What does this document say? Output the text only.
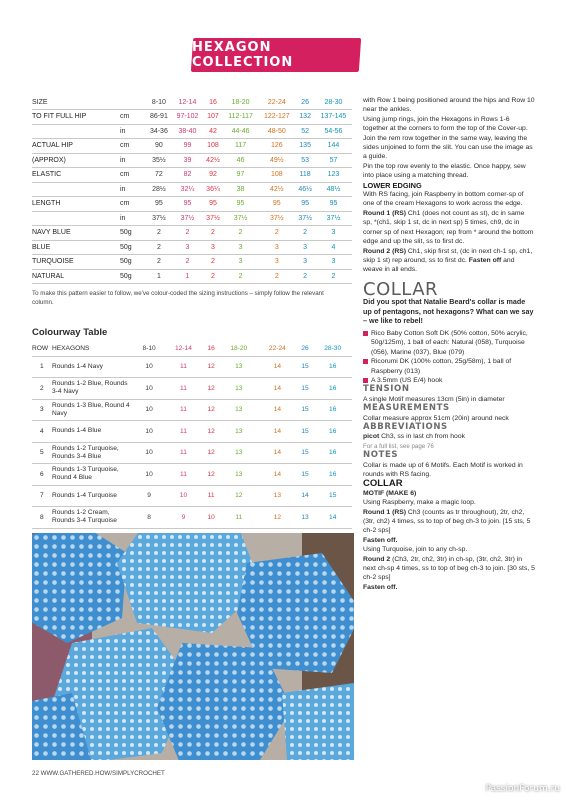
HEXAGON COLLECTION
SIZE		8-10	12-14	16	18-20	22-24	26	28-30
TO FIT FULL HIP	cm	86-91	97-102	107	112-117	122-127	132	137-145
	in	34-36	38-40	42	44-46	48-50	52	54-56
ACTUAL HIP	cm	90	99	108	117	126	135	144
(APPROX)	in	35½	39	42½	46	49½	53	57
ELASTIC	cm	72	82	92	97	108	118	123
	in	28½	32¼	36¼	38	42½	46½	48½
LENGTH	cm	95	95	95	95	95	95	95
	in	37½	37½	37½	37½	37½	37½	37½
NAVY BLUE	50g	2	2	2	2	2	2	3
BLUE	50g	2	3	3	3	3	3	4
TURQUOISE	50g	2	2	2	3	3	3	3
NATURAL	50g	1	1	2	2	2	2	2

To make this pattern easier to follow, we've colour-coded the sizing instructions – simply follow the relevant column.

Colourway Table
ROW	HEXAGONS	8-10	12-14	16	18-20	22-24	26	28-30
1	Rounds 1-4 Navy	10	11	12	13	14	15	16
2	Rounds 1-2 Blue, Rounds 3-4 Navy	10	11	12	13	14	15	16
3	Rounds 1-3 Blue, Round 4 Navy	10	11	12	13	14	15	16
4	Rounds 1-4 Blue	10	11	12	13	14	15	16
5	Rounds 1-2 Turquoise, Rounds 3-4 Blue	10	11	12	13	14	15	16
6	Rounds 1-3 Turquoise, Round 4 Blue	10	11	12	13	14	15	16
7	Rounds 1-4 Turquoise	9	10	11	12	13	14	15
8	Rounds 1-2 Cream, Rounds 3-4 Turquoise	8	9	10	11	12	13	14

with Row 1 being positioned around the hips and Row 10 near the ankles.

Using jump rings, join the Hexagons in Rows 1-6 together at the corners to form the top of the Cover-up.

Join the rem row together in the same way, leaving the sides unjoined to form the slit. You can use the image as a guide.

Pin the top row evenly to the elastic. Once happy, sew into place using a matching thread.

LOWER EDGING

With RS facing, join Raspberry in bottom corner-sp of one of the cream Hexagons to work across the edge.

Round 1 (RS) Ch1 (does not count as st), dc in same sp, *(ch1, skip 1 st, dc in next sp) 5 times, ch9, dc in corner sp of next Hexagon; rep from * around the bottom edge and up the slit, ss to first dc.

Round 2 (RS) Ch1, skip first st, (dc in next ch-1 sp, ch1, skip 1 st) rep around, ss to first dc. Fasten off and weave in all ends.

COLLAR

Did you spot that Natalie Beard's collar is made up of pentagons, not hexagons? What can we say – we like to rebel!

Rico Baby Cotton Soft DK (50% cotton, 50% acrylic, 50g/125m), 1 ball of each: Natural (058), Turquoise (056), Marine (037), Blue (079)
Ricorumi DK (100% cotton, 25g/58m), 1 ball of Raspberry (013)
A 3.5mm (US E/4) hook

TENSION

A single Motif measures 13cm (5in) in diameter

MEASUREMENTS

Collar measure approx 51cm (20in) around neck

ABBREVIATIONS

picot Ch3, ss in last ch from hook

For a full list, see page 76

NOTES

Collar is made up of 6 Motifs. Each Motif is worked in rounds with RS facing.

COLLAR

MOTIF (MAKE 6)

Using Raspberry, make a magic loop.

Round 1 (RS) Ch3 (counts as tr throughout), 2tr, ch2, (3tr, ch2) 4 times, ss to top of beg ch-3 to join. [15 sts, 5 ch-2 sps]

Fasten off.

Using Turquoise, join to any ch-sp.

Round 2 (Ch3, 2tr, ch2, 3tr) in ch-sp, (3tr, ch2, 3tr) in next ch-sp 4 times, ss to top of beg ch-3 to join. [30 sts, 5 ch-2 sps]

Fasten off.

22 WWW.GATHERED.HOW/SIMPLYCROCHET
PassionForum.ru
